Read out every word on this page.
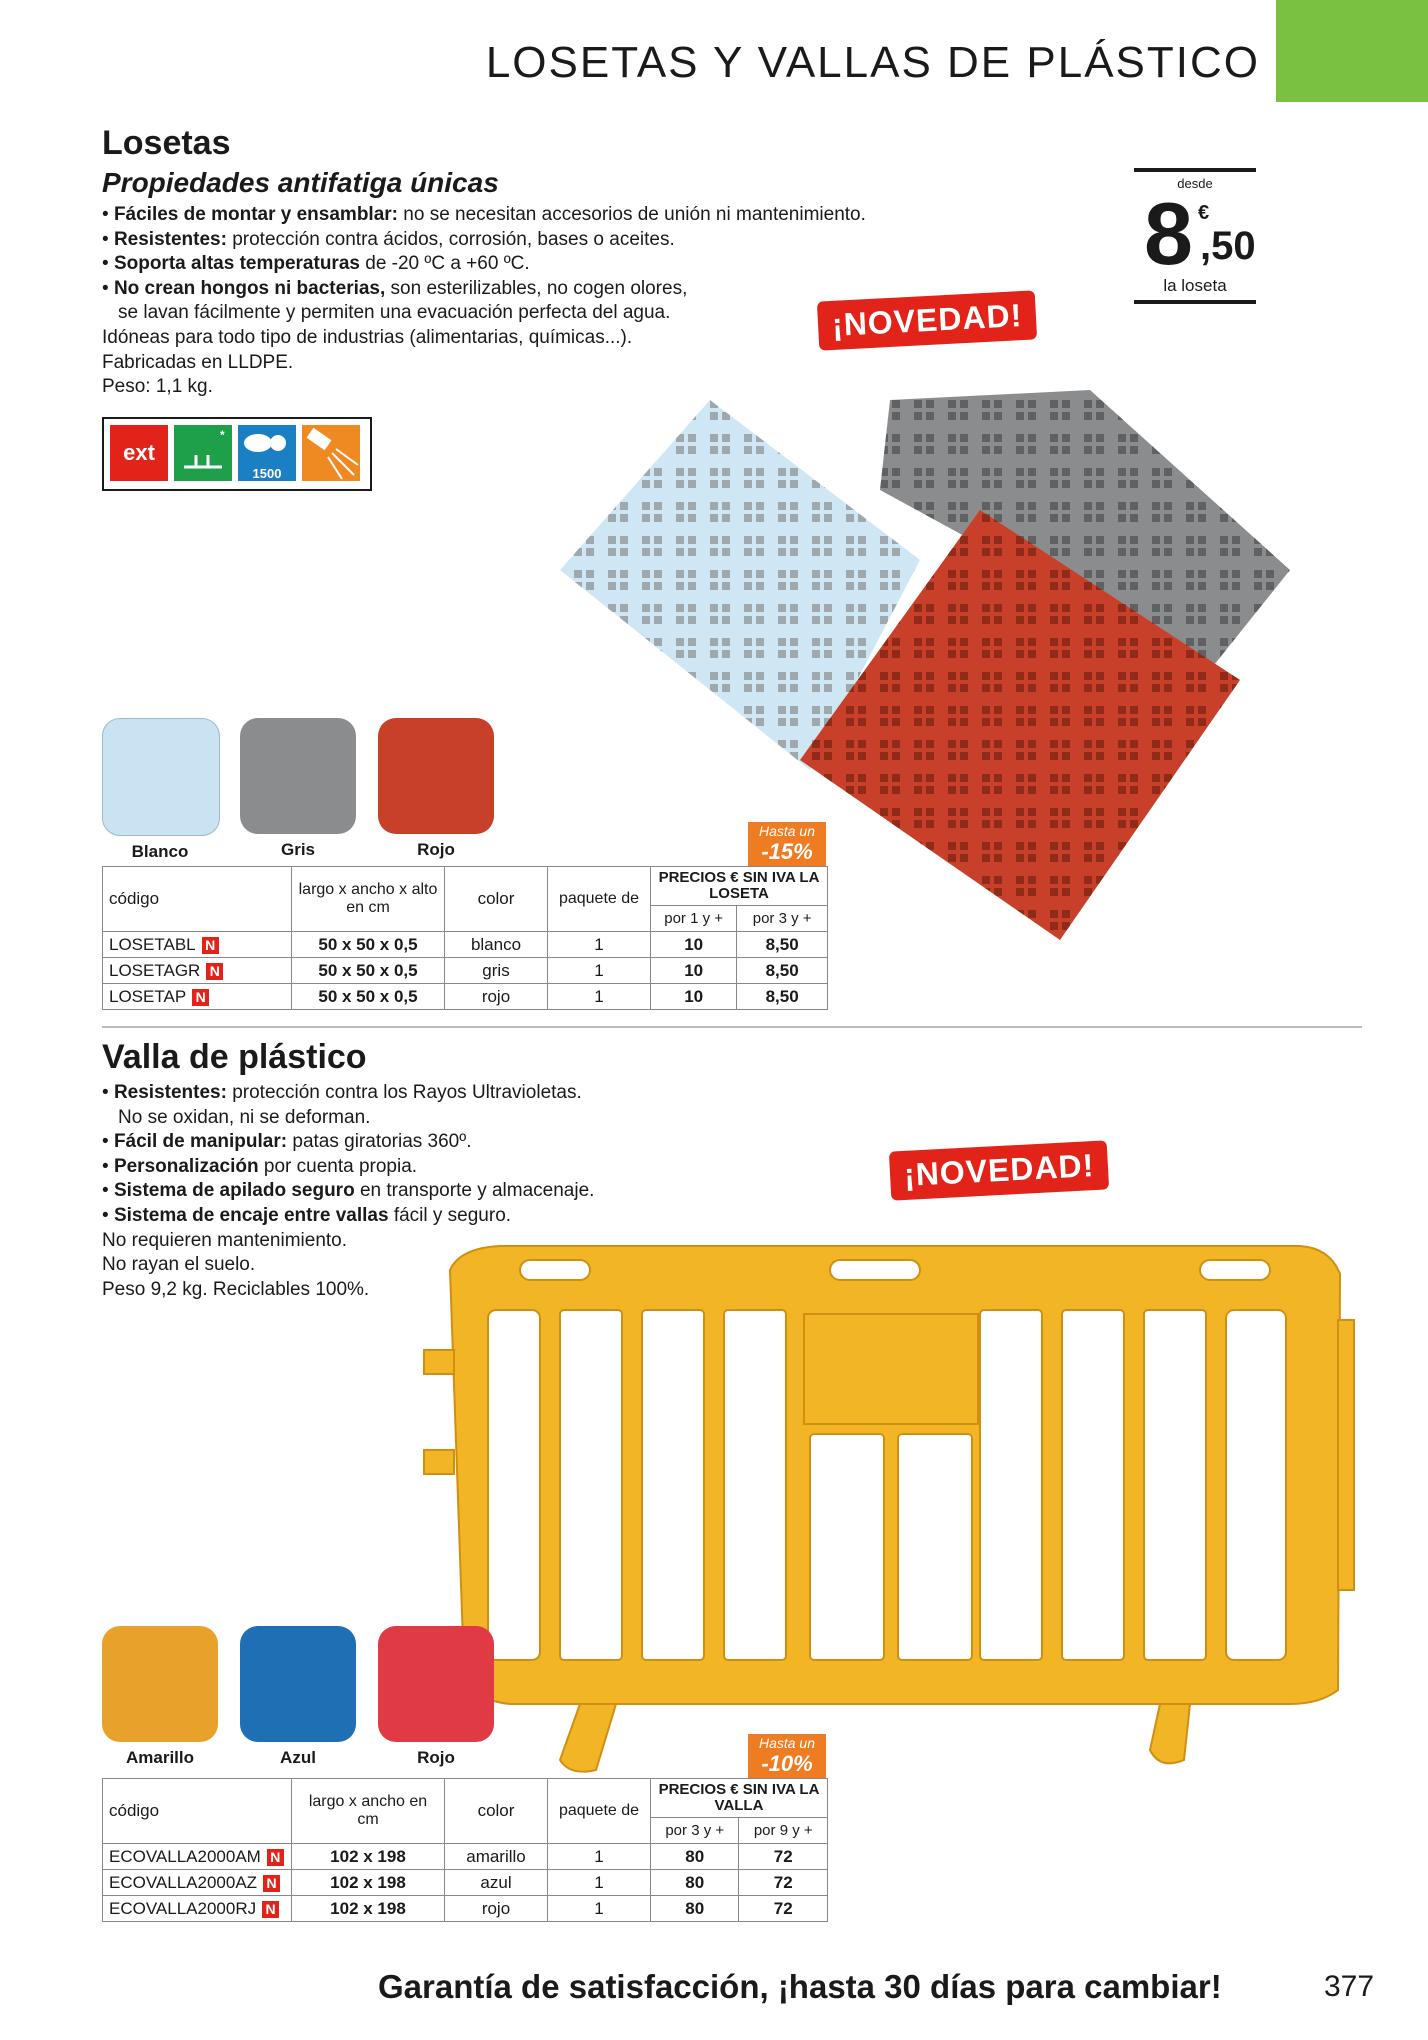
LOSETAS Y VALLAS DE PLÁSTICO
Losetas
Propiedades antifatiga únicas
• Fáciles de montar y ensamblar: no se necesitan accesorios de unión ni mantenimiento.
• Resistentes: protección contra ácidos, corrosión, bases o aceites.
• Soporta altas temperaturas de -20 ºC a +60 ºC.
• No crean hongos ni bacterias, son esterilizables, no cogen olores,
se lavan fácilmente y permiten una evacuación perfecta del agua.
Idóneas para todo tipo de industrias (alimentarias, químicas...).
Fabricadas en LLDPE.
Peso: 1,1 kg.
ext
*
1500
desde
8 €
,50
la loseta
¡NOVEDAD!
Blanco	Gris	Rojo
Hasta un
-15%
código	largo x ancho x alto en cm	color	paquete de	PRECIOS € SIN IVA LA LOSETA	
				por 1 y +	por 3 y +
LOSETABL N	50 x 50 x 0,5	blanco	1	10	8,50
LOSETAGR N	50 x 50 x 0,5	gris	1	10	8,50
LOSETAP N	50 x 50 x 0,5	rojo	1	10	8,50
Valla de plástico
• Resistentes: protección contra los Rayos Ultravioletas.
No se oxidan, ni se deforman.
• Fácil de manipular: patas giratorias 360º.
• Personalización por cuenta propia.
• Sistema de apilado seguro en transporte y almacenaje.
• Sistema de encaje entre vallas fácil y seguro.
No requieren mantenimiento.
No rayan el suelo.
Peso 9,2 kg. Reciclables 100%.
¡NOVEDAD!
Amarillo	Azul	Rojo
Hasta un
-10%
código	largo x ancho en cm	color	paquete de	PRECIOS € SIN IVA LA VALLA	
				por 3 y +	por 9 y +
ECOVALLA2000AM N	102 x 198	amarillo	1	80	72
ECOVALLA2000AZ N	102 x 198	azul	1	80	72
ECOVALLA2000RJ N	102 x 198	rojo	1	80	72
Garantía de satisfacción, ¡hasta 30 días para cambiar!	377
